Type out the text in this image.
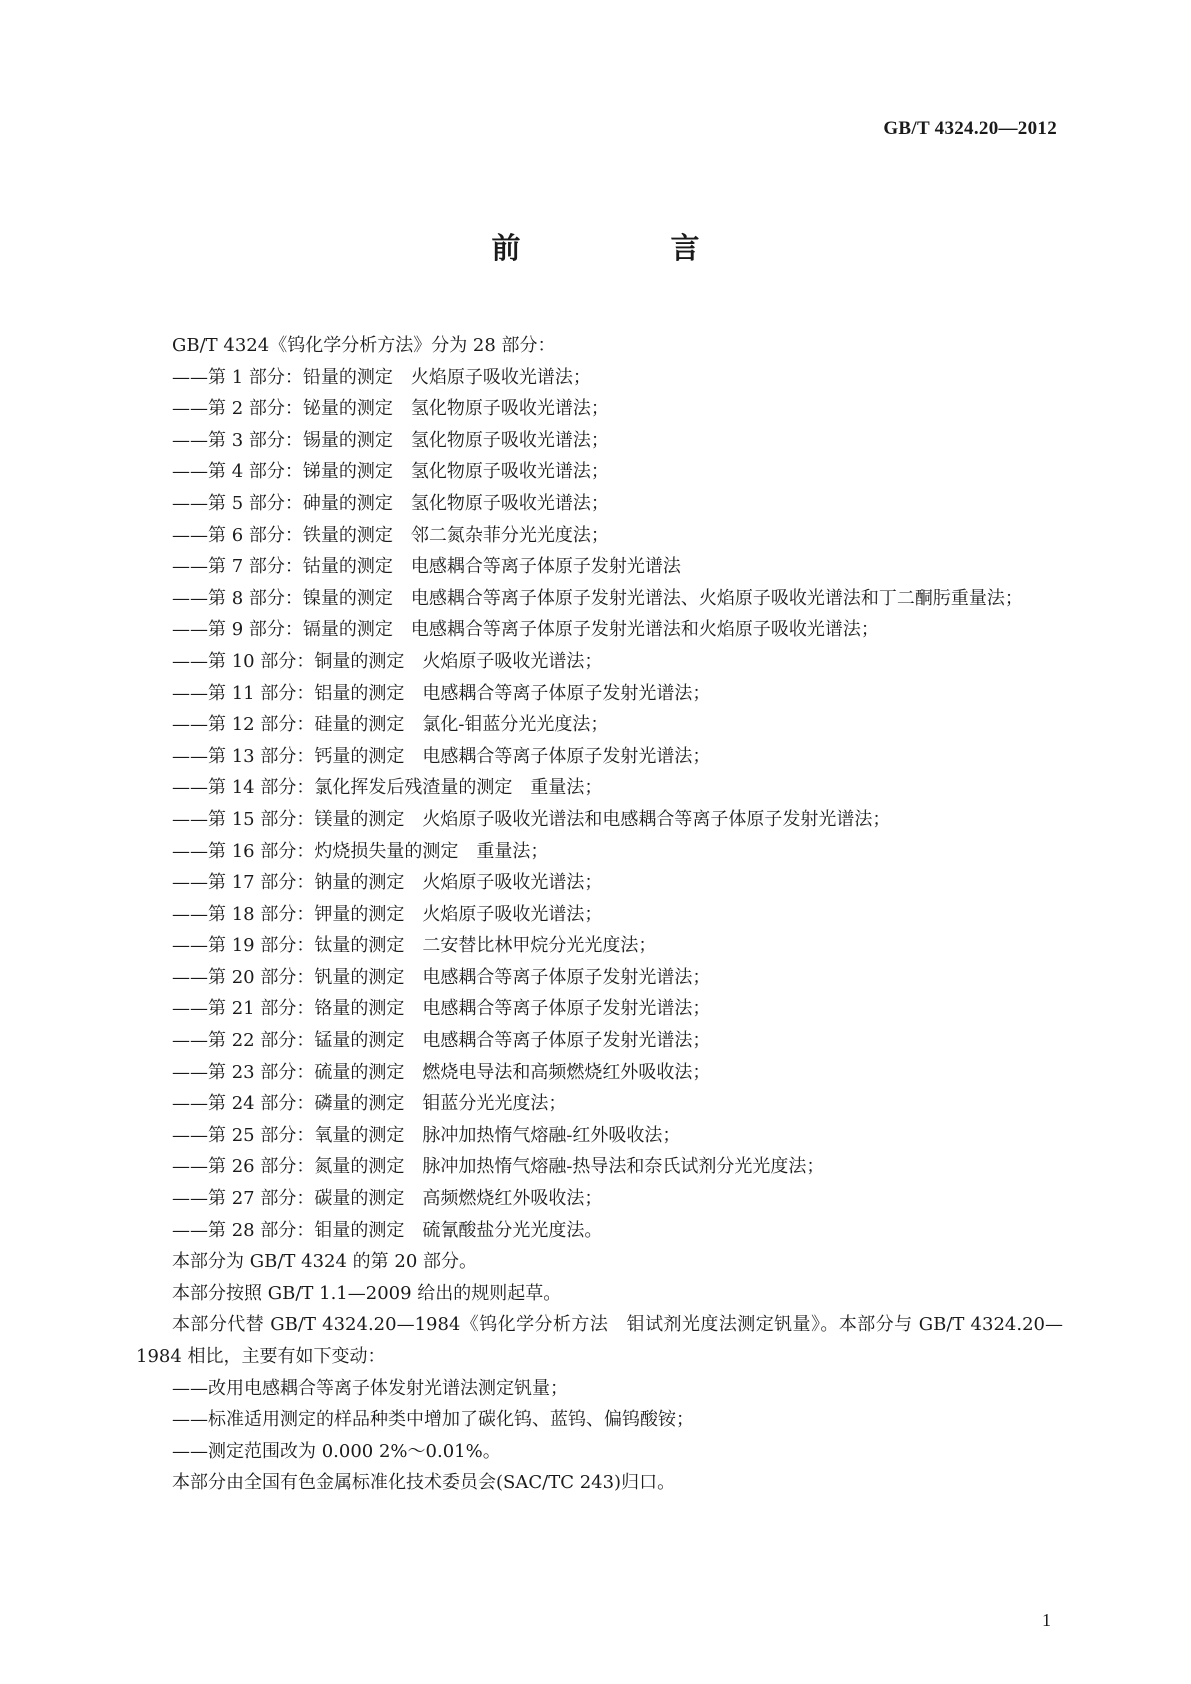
GB/T 4324.20—2012
前 言

GB/T 4324《钨化学分析方法》分为 28 部分：

——第 1 部分：铅量的测定　火焰原子吸收光谱法；

——第 2 部分：铋量的测定　氢化物原子吸收光谱法；

——第 3 部分：锡量的测定　氢化物原子吸收光谱法；

——第 4 部分：锑量的测定　氢化物原子吸收光谱法；

——第 5 部分：砷量的测定　氢化物原子吸收光谱法；

——第 6 部分：铁量的测定　邻二氮杂菲分光光度法；

——第 7 部分：钴量的测定　电感耦合等离子体原子发射光谱法

——第 8 部分：镍量的测定　电感耦合等离子体原子发射光谱法、火焰原子吸收光谱法和丁二酮肟重量法；

——第 9 部分：镉量的测定　电感耦合等离子体原子发射光谱法和火焰原子吸收光谱法；

——第 10 部分：铜量的测定　火焰原子吸收光谱法；

——第 11 部分：铝量的测定　电感耦合等离子体原子发射光谱法；

——第 12 部分：硅量的测定　氯化-钼蓝分光光度法；

——第 13 部分：钙量的测定　电感耦合等离子体原子发射光谱法；

——第 14 部分：氯化挥发后残渣量的测定　重量法；

——第 15 部分：镁量的测定　火焰原子吸收光谱法和电感耦合等离子体原子发射光谱法；

——第 16 部分：灼烧损失量的测定　重量法；

——第 17 部分：钠量的测定　火焰原子吸收光谱法；

——第 18 部分：钾量的测定　火焰原子吸收光谱法；

——第 19 部分：钛量的测定　二安替比林甲烷分光光度法；

——第 20 部分：钒量的测定　电感耦合等离子体原子发射光谱法；

——第 21 部分：铬量的测定　电感耦合等离子体原子发射光谱法；

——第 22 部分：锰量的测定　电感耦合等离子体原子发射光谱法；

——第 23 部分：硫量的测定　燃烧电导法和高频燃烧红外吸收法；

——第 24 部分：磷量的测定　钼蓝分光光度法；

——第 25 部分：氧量的测定　脉冲加热惰气熔融-红外吸收法；

——第 26 部分：氮量的测定　脉冲加热惰气熔融-热导法和奈氏试剂分光光度法；

——第 27 部分：碳量的测定　高频燃烧红外吸收法；

——第 28 部分：钼量的测定　硫氰酸盐分光光度法。

本部分为 GB/T 4324 的第 20 部分。

本部分按照 GB/T 1.1—2009 给出的规则起草。

本部分代替 GB/T 4324.20—1984《钨化学分析方法　钼试剂光度法测定钒量》。本部分与 GB/T 4324.20—1984 相比，主要有如下变动：

——改用电感耦合等离子体发射光谱法测定钒量；

——标准适用测定的样品种类中增加了碳化钨、蓝钨、偏钨酸铵；

——测定范围改为 0.000 2%～0.01%。

本部分由全国有色金属标准化技术委员会(SAC/TC 243)归口。

1
